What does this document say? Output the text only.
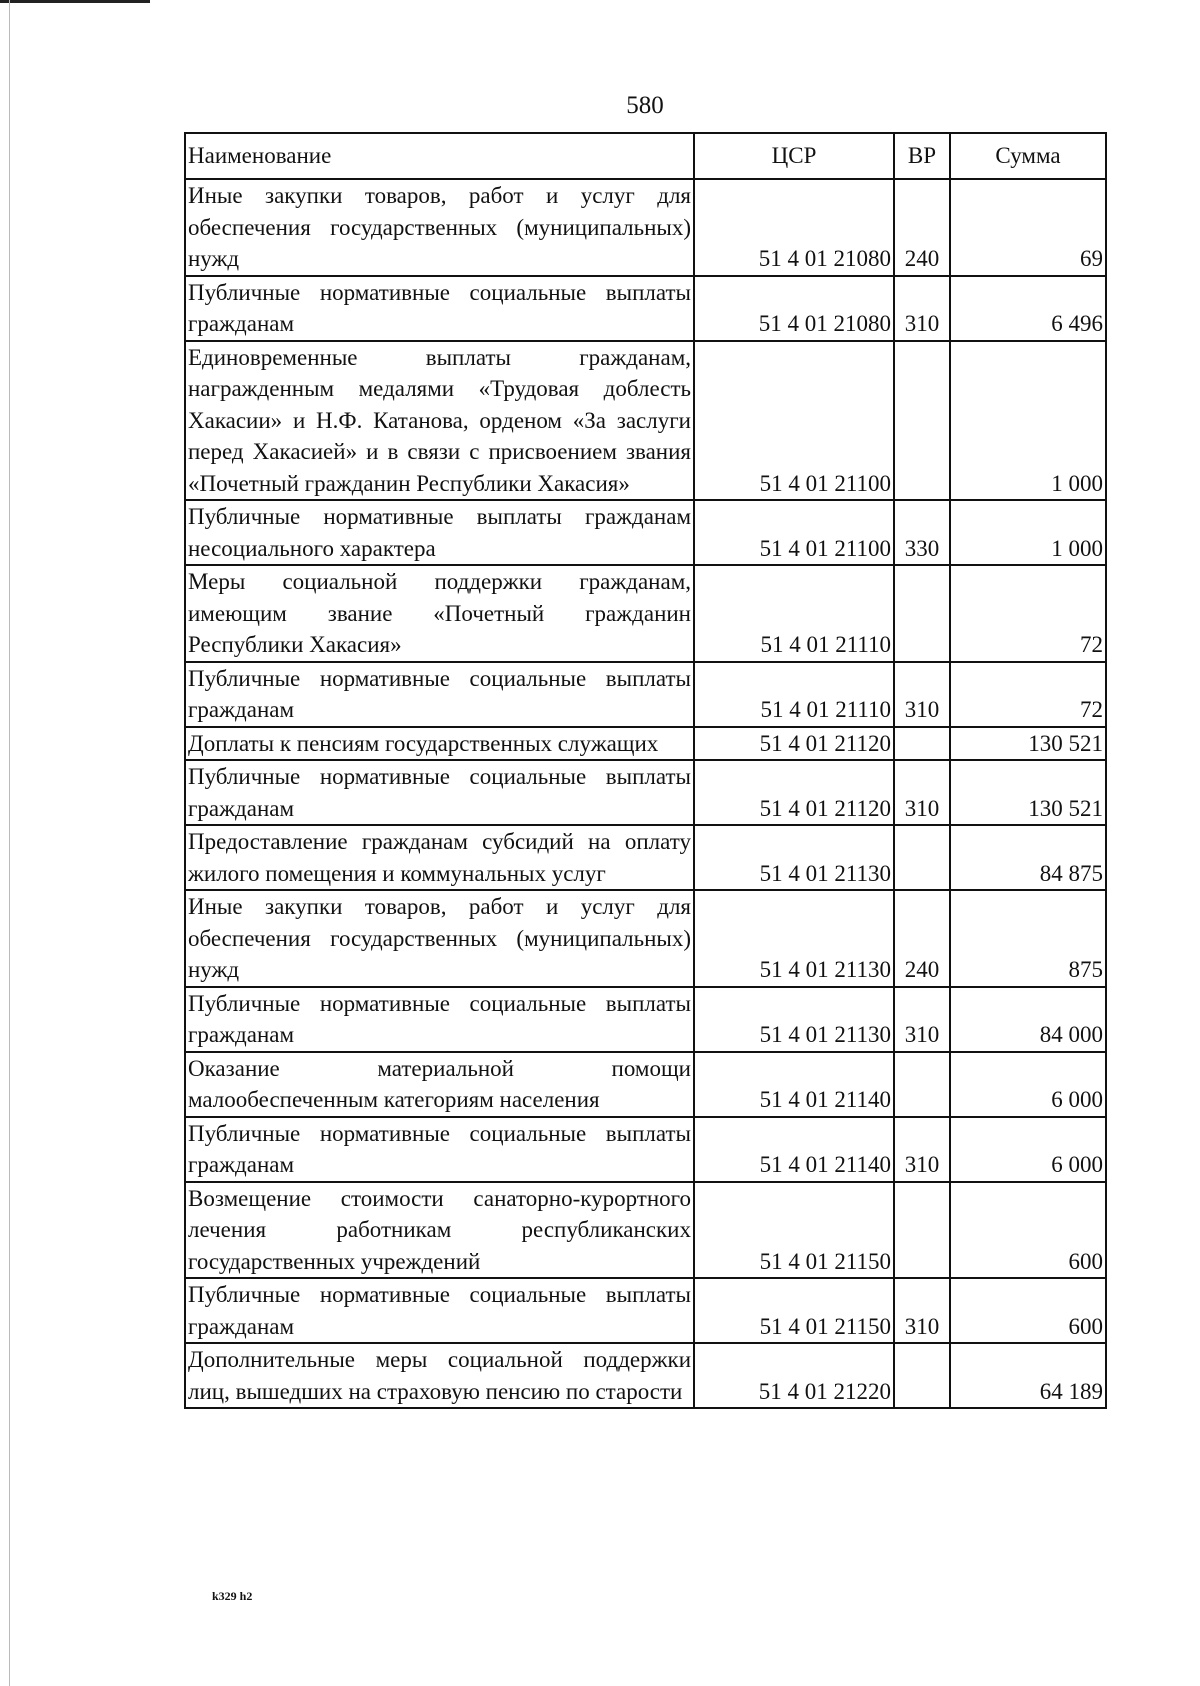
580
Наименование	ЦСР	ВР	Сумма
Иные закупки товаров, работ и услуг для обеспечения государственных (муниципальных) нужд	51 4 01 21080	240	69
Публичные нормативные социальные выплаты гражданам	51 4 01 21080	310	6 496
Единовременные выплаты гражданам, награжденным медалями «Трудовая доблесть Хакасии» и Н.Ф. Катанова, орденом «За заслуги перед Хакасией» и в связи с присвоением звания «Почетный гражданин Республики Хакасия»	51 4 01 21100		1 000
Публичные нормативные выплаты гражданам несоциального характера	51 4 01 21100	330	1 000
Меры социальной поддержки гражданам, имеющим звание «Почетный гражданин Республики Хакасия»	51 4 01 21110		72
Публичные нормативные социальные выплаты гражданам	51 4 01 21110	310	72
Доплаты к пенсиям государственных служащих	51 4 01 21120		130 521
Публичные нормативные социальные выплаты гражданам	51 4 01 21120	310	130 521
Предоставление гражданам субсидий на оплату жилого помещения и коммунальных услуг	51 4 01 21130		84 875
Иные закупки товаров, работ и услуг для обеспечения государственных (муниципальных) нужд	51 4 01 21130	240	875
Публичные нормативные социальные выплаты гражданам	51 4 01 21130	310	84 000
Оказание материальной помощи малообеспеченным категориям населения	51 4 01 21140		6 000
Публичные нормативные социальные выплаты гражданам	51 4 01 21140	310	6 000
Возмещение стоимости санаторно-курортного лечения работникам республиканских государственных учреждений	51 4 01 21150		600
Публичные нормативные социальные выплаты гражданам	51 4 01 21150	310	600
Дополнительные меры социальной поддержки лиц, вышедших на страховую пенсию по старости	51 4 01 21220		64 189
k329 h2
